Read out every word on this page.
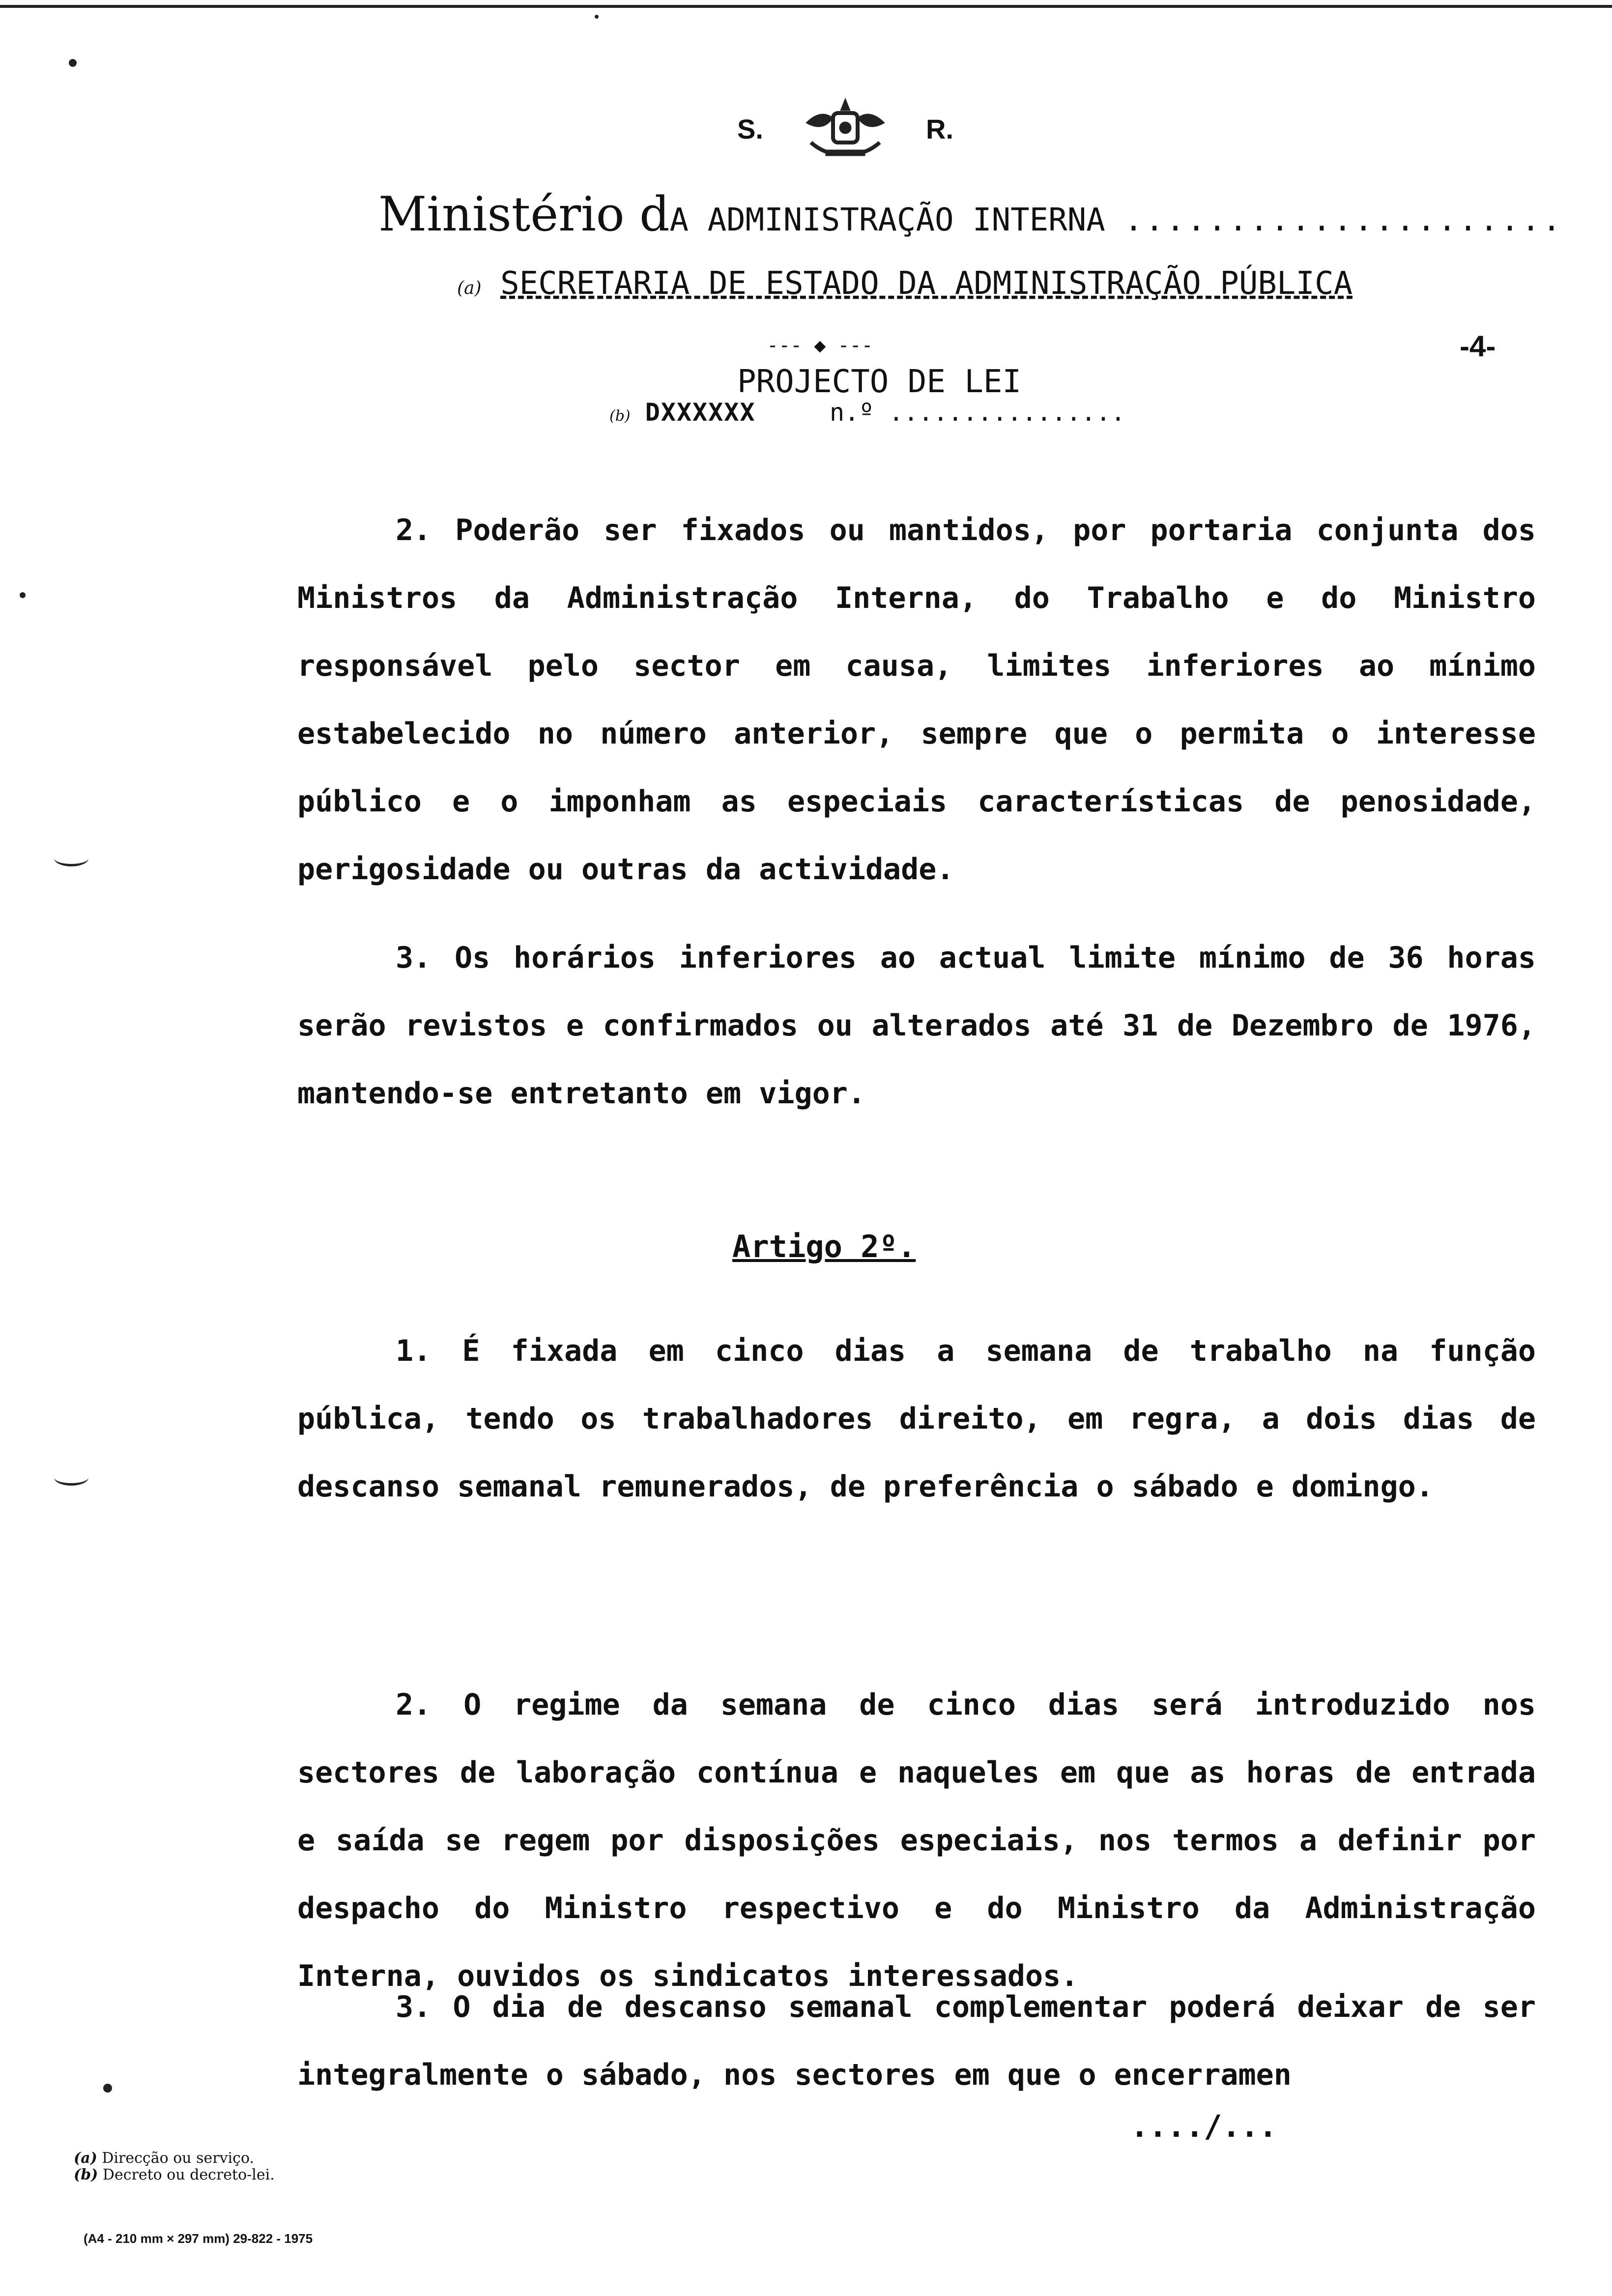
S.	R.
Ministério dA ADMINISTRAÇÃO INTERNA .....................
(a) SECRETARIA DE ESTADO DA ADMINISTRAÇÃO PÚBLICA
--- ◆ ---	-4-
PROJECTO DE LEI
(b) DXXXXXX	n.º ................
2. Poderão ser fixados ou mantidos, por portaria conjunta dos Ministros da Administração Interna, do Trabalho e do Ministro responsável pelo sector em causa, limites inferiores ao mínimo estabelecido no número anterior, sempre que o permita o interesse público e o imponham as especiais características de penosidade, perigosidade ou outras da actividade.
3. Os horários inferiores ao actual limite mínimo de 36 horas serão revistos e confirmados ou alterados até 31 de Dezembro de 1976, mantendo-se entretanto em vigor.
Artigo 2º.
1. É fixada em cinco dias a semana de trabalho na função pública, tendo os trabalhadores direito, em regra, a dois dias de descanso semanal remunerados, de preferência o sábado e domingo.
2. O regime da semana de cinco dias será introduzido nos sectores de laboração contínua e naqueles em que as horas de entrada e saída se regem por disposições especiais, nos termos a definir por despacho do Ministro respectivo e do Ministro da Administração Interna, ouvidos os sindicatos interessados.
3. O dia de descanso semanal complementar poderá deixar de ser integralmente o sábado, nos sectores em que o encerramen
..../...
(a) Direcção ou serviço.
(b) Decreto ou decreto-lei.
(A4 - 210 mm × 297 mm) 29-822 - 1975
